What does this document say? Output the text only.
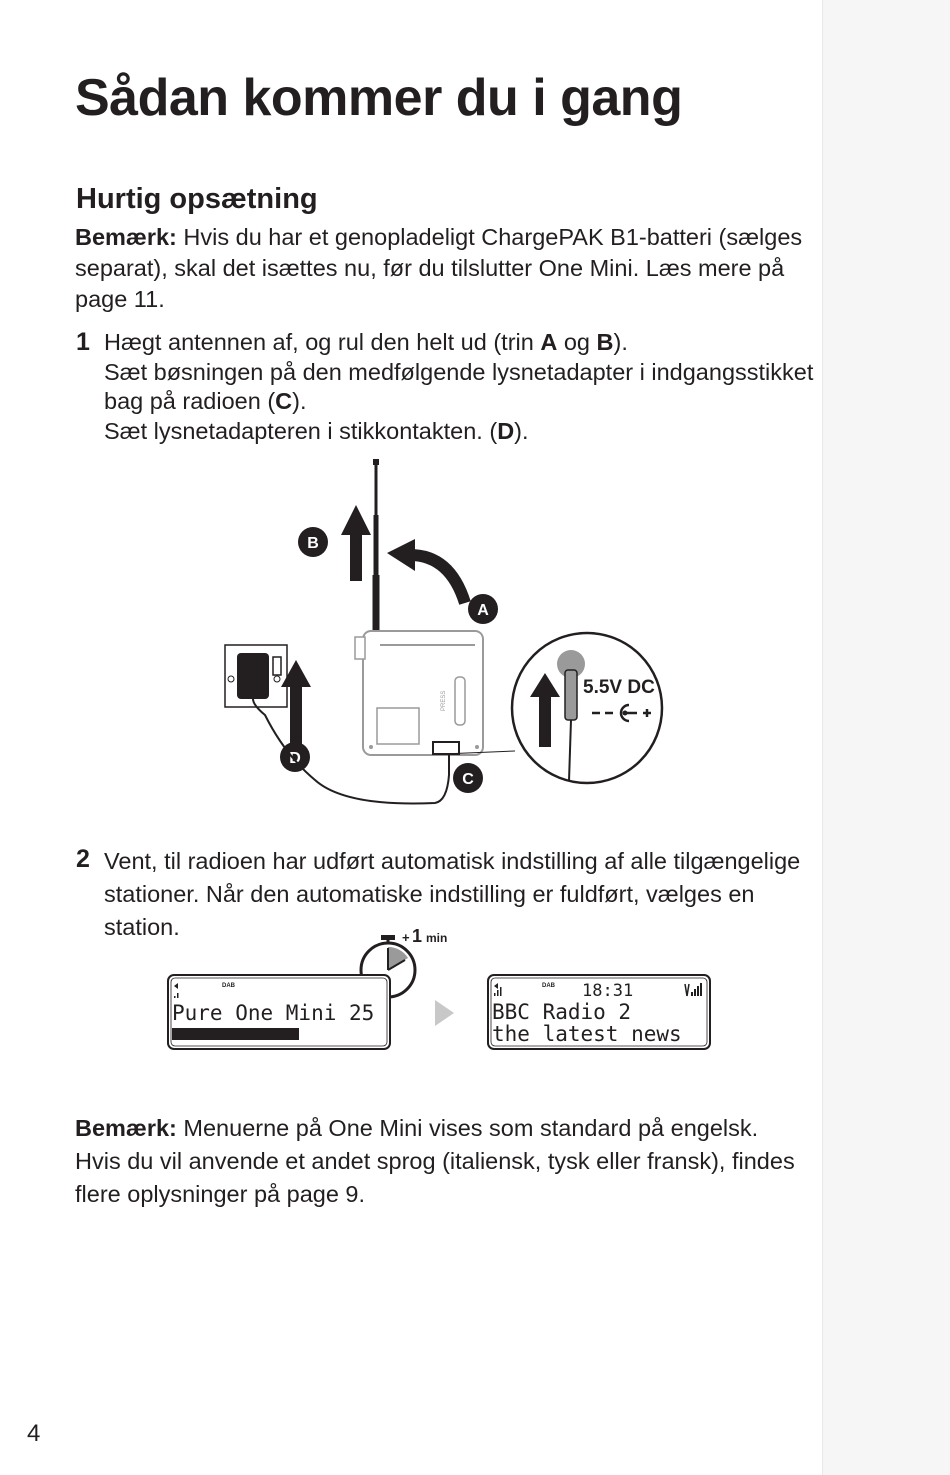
Sådan kommer du i gang
Hurtig opsætning

Bemærk: Hvis du har et genopladeligt ChargePAK B1-batteri (sælges
separat), skal det isættes nu, før du tilslutter One Mini. Læs mere på
page 11.

1 Hægt antennen af, og rul den helt ud (trin A og B).
Sæt bøsningen på den medfølgende lysnetadapter i indgangsstikket
bag på radioen (C).
Sæt lysnetadapteren i stikkontakten. (D).
B
A
D
C
PRESS
5.5V DC
2 Vent, til radioen har udført automatisk indstilling af alle tilgængelige
stationer. Når den automatiske indstilling er fuldført, vælges en
station.	+ 1 min
DAB
Pure One Mini 25
DAB 18:31
BBC Radio 2
the latest news

Bemærk: Menuerne på One Mini vises som standard på engelsk.
Hvis du vil anvende et andet sprog (italiensk, tysk eller fransk), findes
flere oplysninger på page 9.

4
